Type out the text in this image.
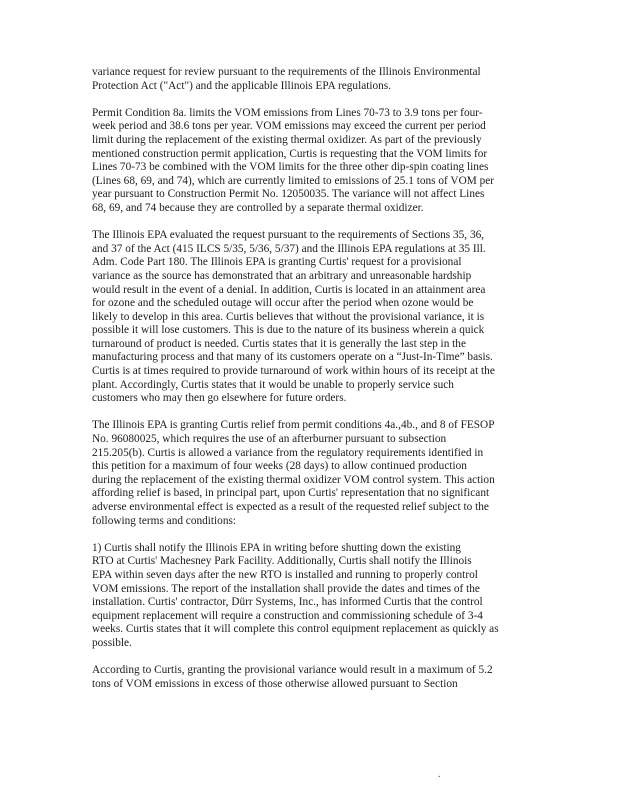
variance request for review pursuant to the requirements of the Illinois Environmental
Protection Act ("Act") and the applicable Illinois EPA regulations.

Permit Condition 8a. limits the VOM emissions from Lines 70-73 to 3.9 tons per four-
week period and 38.6 tons per year. VOM emissions may exceed the current per period
limit during the replacement of the existing thermal oxidizer. As part of the previously
mentioned construction permit application, Curtis is requesting that the VOM limits for
Lines 70-73 be combined with the VOM limits for the three other dip-spin coating lines
(Lines 68, 69, and 74), which are currently limited to emissions of 25.1 tons of VOM per
year pursuant to Construction Permit No. 12050035. The variance will not affect Lines
68, 69, and 74 because they are controlled by a separate thermal oxidizer.

The Illinois EPA evaluated the request pursuant to the requirements of Sections 35, 36,
and 37 of the Act (415 ILCS 5/35, 5/36, 5/37) and the Illinois EPA regulations at 35 Ill.
Adm. Code Part 180. The Illinois EPA is granting Curtis' request for a provisional
variance as the source has demonstrated that an arbitrary and unreasonable hardship
would result in the event of a denial. In addition, Curtis is located in an attainment area
for ozone and the scheduled outage will occur after the period when ozone would be
likely to develop in this area. Curtis believes that without the provisional variance, it is
possible it will lose customers. This is due to the nature of its business wherein a quick
turnaround of product is needed. Curtis states that it is generally the last step in the
manufacturing process and that many of its customers operate on a “Just-In-Time” basis.
Curtis is at times required to provide turnaround of work within hours of its receipt at the
plant. Accordingly, Curtis states that it would be unable to properly service such
customers who may then go elsewhere for future orders.

The Illinois EPA is granting Curtis relief from permit conditions 4a.,4b., and 8 of FESOP
No. 96080025, which requires the use of an afterburner pursuant to subsection
215.205(b). Curtis is allowed a variance from the regulatory requirements identified in
this petition for a maximum of four weeks (28 days) to allow continued production
during the replacement of the existing thermal oxidizer VOM control system. This action
affording relief is based, in principal part, upon Curtis' representation that no significant
adverse environmental effect is expected as a result of the requested relief subject to the
following terms and conditions:

1) Curtis shall notify the Illinois EPA in writing before shutting down the existing
RTO at Curtis' Machesney Park Facility. Additionally, Curtis shall notify the Illinois
EPA within seven days after the new RTO is installed and running to properly control
VOM emissions. The report of the installation shall provide the dates and times of the
installation. Curtis' contractor, Dürr Systems, Inc., has informed Curtis that the control
equipment replacement will require a construction and commissioning schedule of 3-4
weeks. Curtis states that it will complete this control equipment replacement as quickly as
possible.

According to Curtis, granting the provisional variance would result in a maximum of 5.2
tons of VOM emissions in excess of those otherwise allowed pursuant to Section

.
